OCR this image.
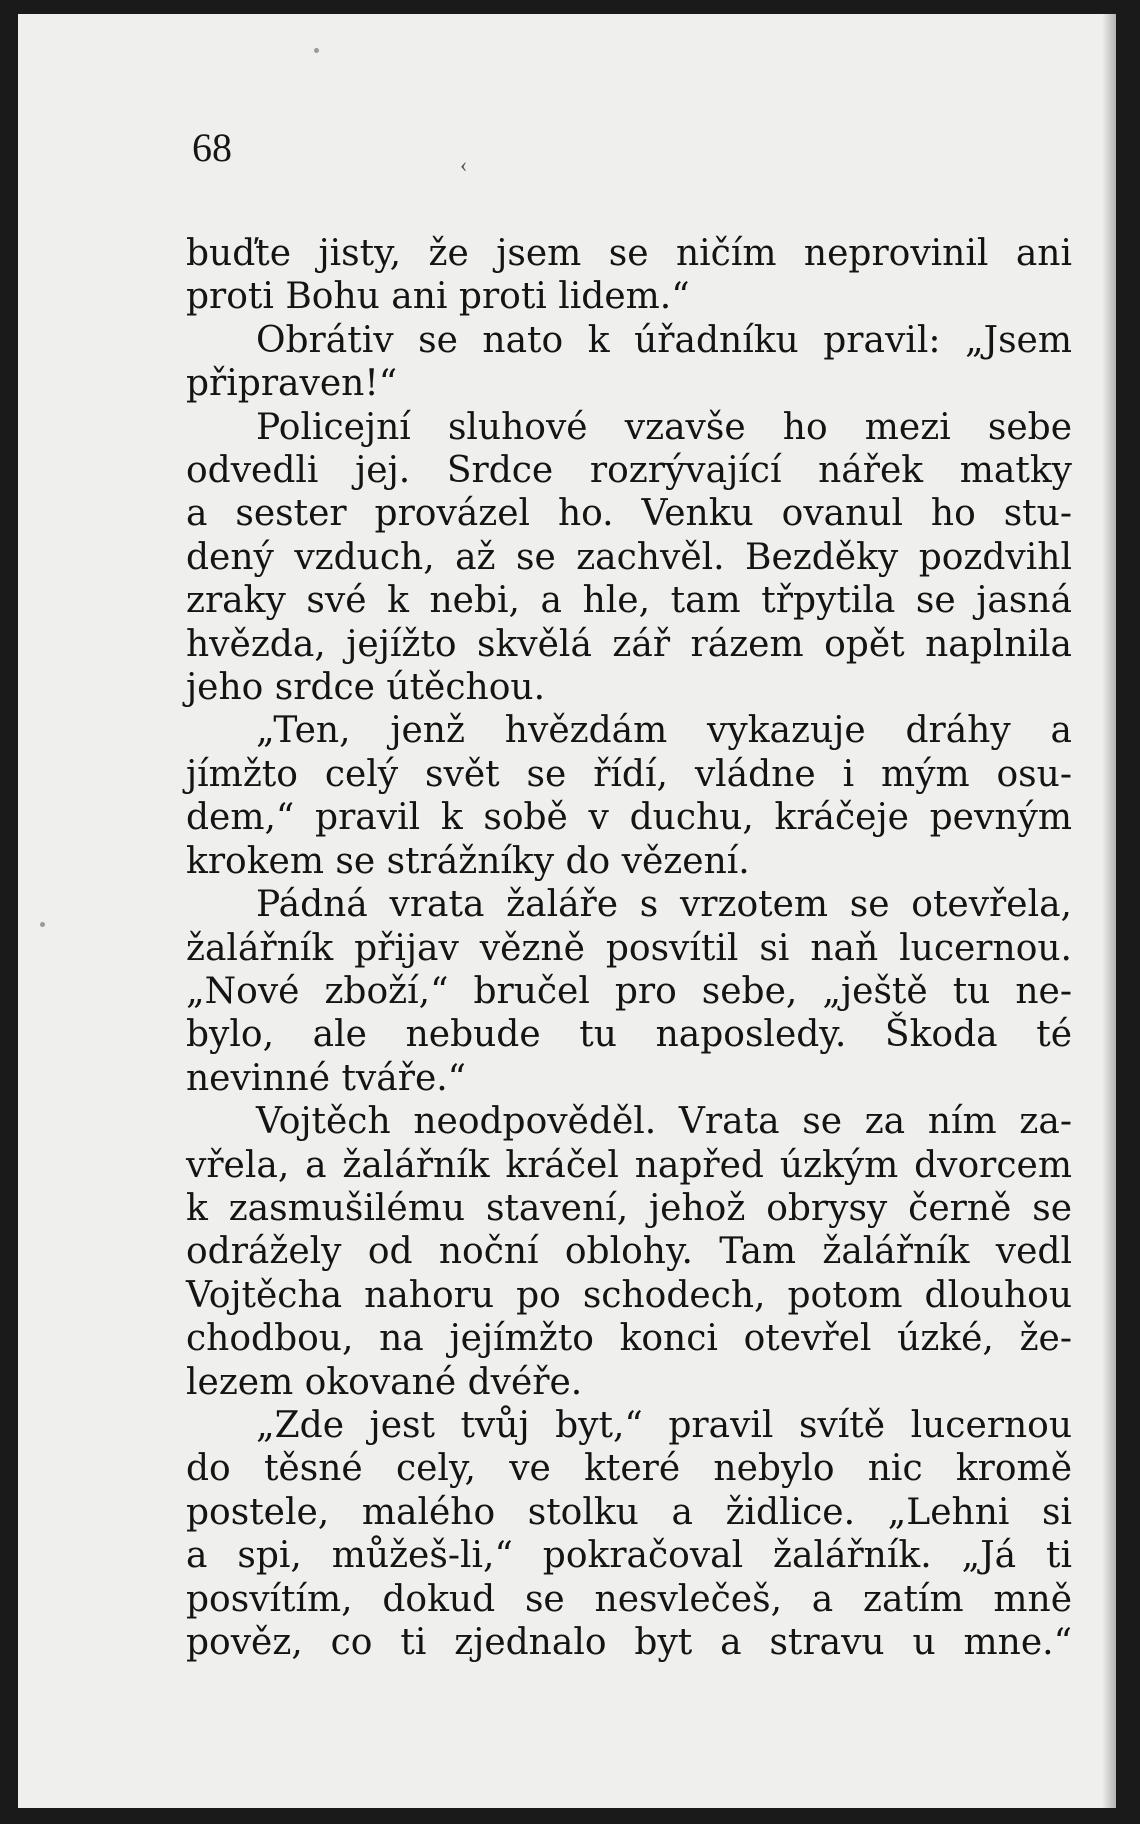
68	‹
buďte jisty, že jsem se ničím neprovinil ani
proti Bohu ani proti lidem.“
Obrátiv se nato k úřadníku pravil: „Jsem
připraven!“
Policejní sluhové vzavše ho mezi sebe
odvedli jej. Srdce rozrývající nářek matky
a sester provázel ho. Venku ovanul ho stu-
dený vzduch, až se zachvěl. Bezděky pozdvihl
zraky své k nebi, a hle, tam třpytila se jasná
hvězda, jejížto skvělá zář rázem opět naplnila
jeho srdce útěchou.
„Ten, jenž hvězdám vykazuje dráhy a
jímžto celý svět se řídí, vládne i mým osu-
dem,“ pravil k sobě v duchu, kráčeje pevným
krokem se strážníky do vězení.
Pádná vrata žaláře s vrzotem se otevřela,
žalářník přijav vězně posvítil si naň lucernou.
„Nové zboží,“ bručel pro sebe, „ještě tu ne-
bylo, ale nebude tu naposledy. Škoda té
nevinné tváře.“
Vojtěch neodpověděl. Vrata se za ním za-
vřela, a žalářník kráčel napřed úzkým dvorcem
k zasmušilému stavení, jehož obrysy černě se
odrážely od noční oblohy. Tam žalářník vedl
Vojtěcha nahoru po schodech, potom dlouhou
chodbou, na jejímžto konci otevřel úzké, že-
lezem okované dvéře.
„Zde jest tvůj byt,“ pravil svítě lucernou
do těsné cely, ve které nebylo nic kromě
postele, malého stolku a židlice. „Lehni si
a spi, můžeš-li,“ pokračoval žalářník. „Já ti
posvítím, dokud se nesvlečeš, a zatím mně
pověz, co ti zjednalo byt a stravu u mne.“
